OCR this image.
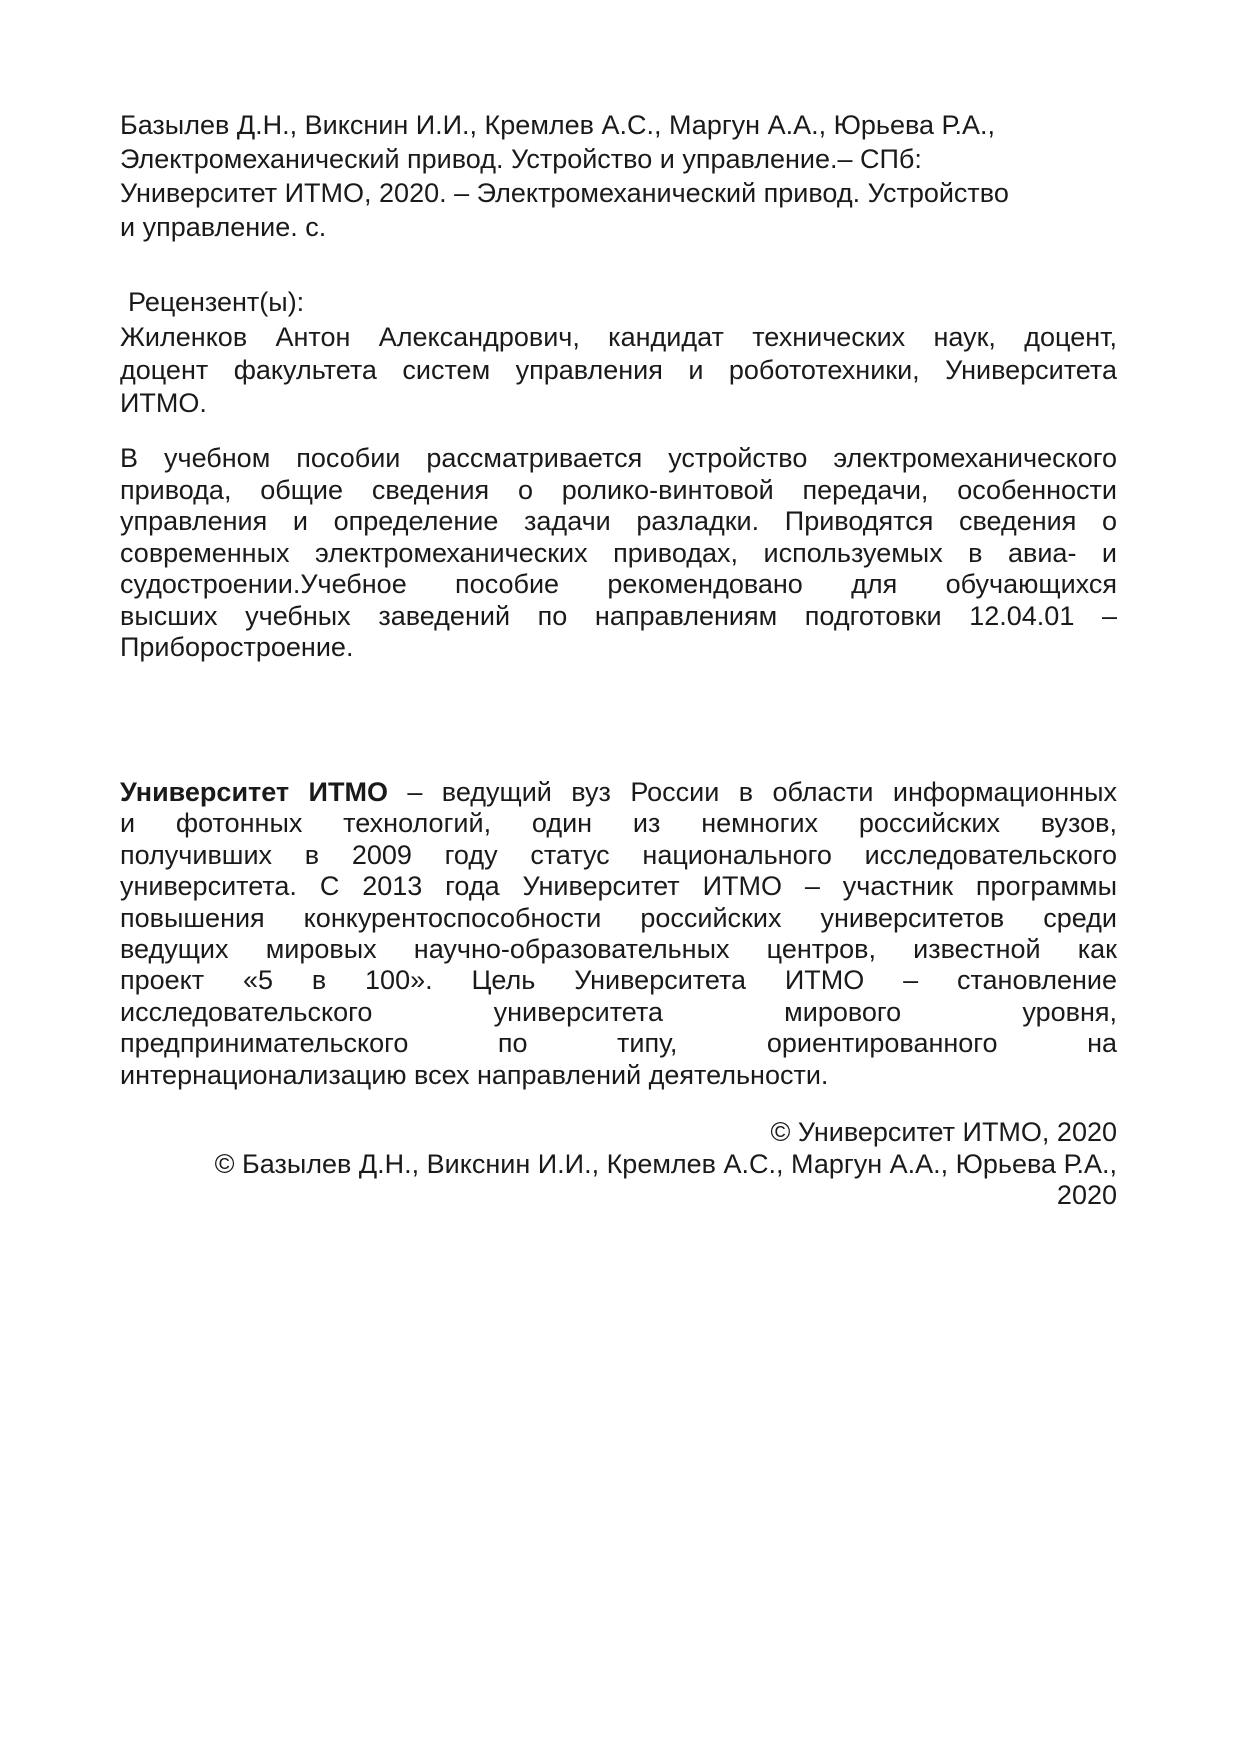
Базылев Д.Н., Викснин И.И., Кремлев А.С., Маргун А.А., Юрьева Р.А.,
Электромеханический привод. Устройство и управление.– СПб:
Университет ИТМО, 2020. – Электромеханический привод. Устройство
и управление. с.
Рецензент(ы):
Жиленков Антон Александрович, кандидат технических наук, доцент,
доцент факультета систем управления и робототехники, Университета
ИТМО.
В учебном пособии рассматривается устройство электромеханического
привода, общие сведения о ролико-винтовой передачи, особенности
управления и определение задачи разладки. Приводятся сведения о
современных электромеханических приводах, используемых в авиа- и
судостроении.Учебное пособие рекомендовано для обучающихся
высших учебных заведений по направлениям подготовки 12.04.01 –
Приборостроение.
Университет ИТМО – ведущий вуз России в области информационных
и фотонных технологий, один из немногих российских вузов,
получивших в 2009 году статус национального исследовательского
университета. С 2013 года Университет ИТМО – участник программы
повышения конкурентоспособности российских университетов среди
ведущих мировых научно-образовательных центров, известной как
проект «5 в 100». Цель Университета ИТМО – становление
исследовательского университета мирового уровня,
предпринимательского по типу, ориентированного на
интернационализацию всех направлений деятельности.
© Университет ИТМО, 2020
© Базылев Д.Н., Викснин И.И., Кремлев А.С., Маргун А.А., Юрьева Р.А.,
2020
